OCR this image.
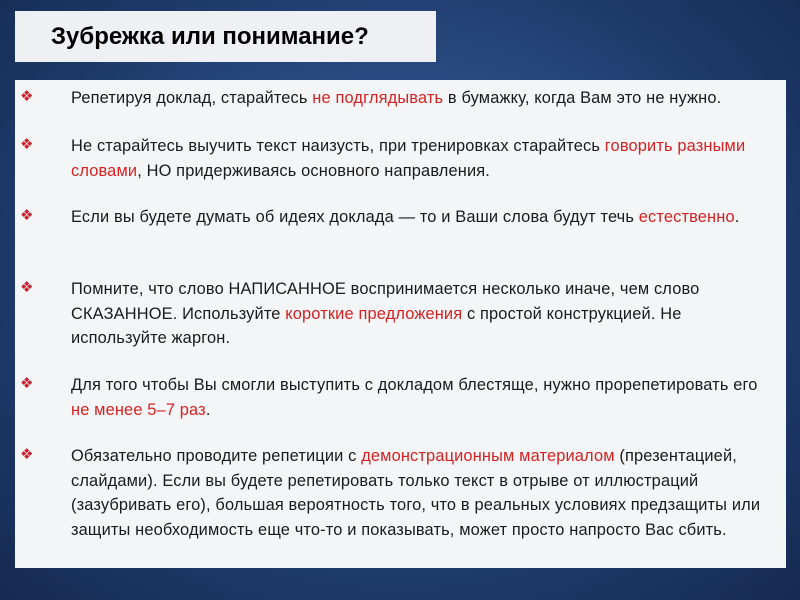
Зубрежка или понимание?
❖ Репетируя доклад, старайтесь не подглядывать в бумажку, когда Вам это не нужно.
❖ Не старайтесь выучить текст наизусть, при тренировках старайтесь говорить разными словами, НО придерживаясь основного направления.
❖ Если вы будете думать об идеях доклада — то и Ваши слова будут течь естественно.
❖ Помните, что слово НАПИСАННОЕ воспринимается несколько иначе, чем слово СКАЗАННОЕ. Используйте короткие предложения с простой конструкцией. Не используйте жаргон.
❖ Для того чтобы Вы смогли выступить с докладом блестяще, нужно прорепетировать его не менее 5–7 раз.
❖ Обязательно проводите репетиции с демонстрационным материалом (презентацией, слайдами). Если вы будете репетировать только текст в отрыве от иллюстраций (зазубривать его), большая вероятность того, что в реальных условиях предзащиты или защиты необходимость еще что-то и показывать, может просто напросто Вас сбить.
